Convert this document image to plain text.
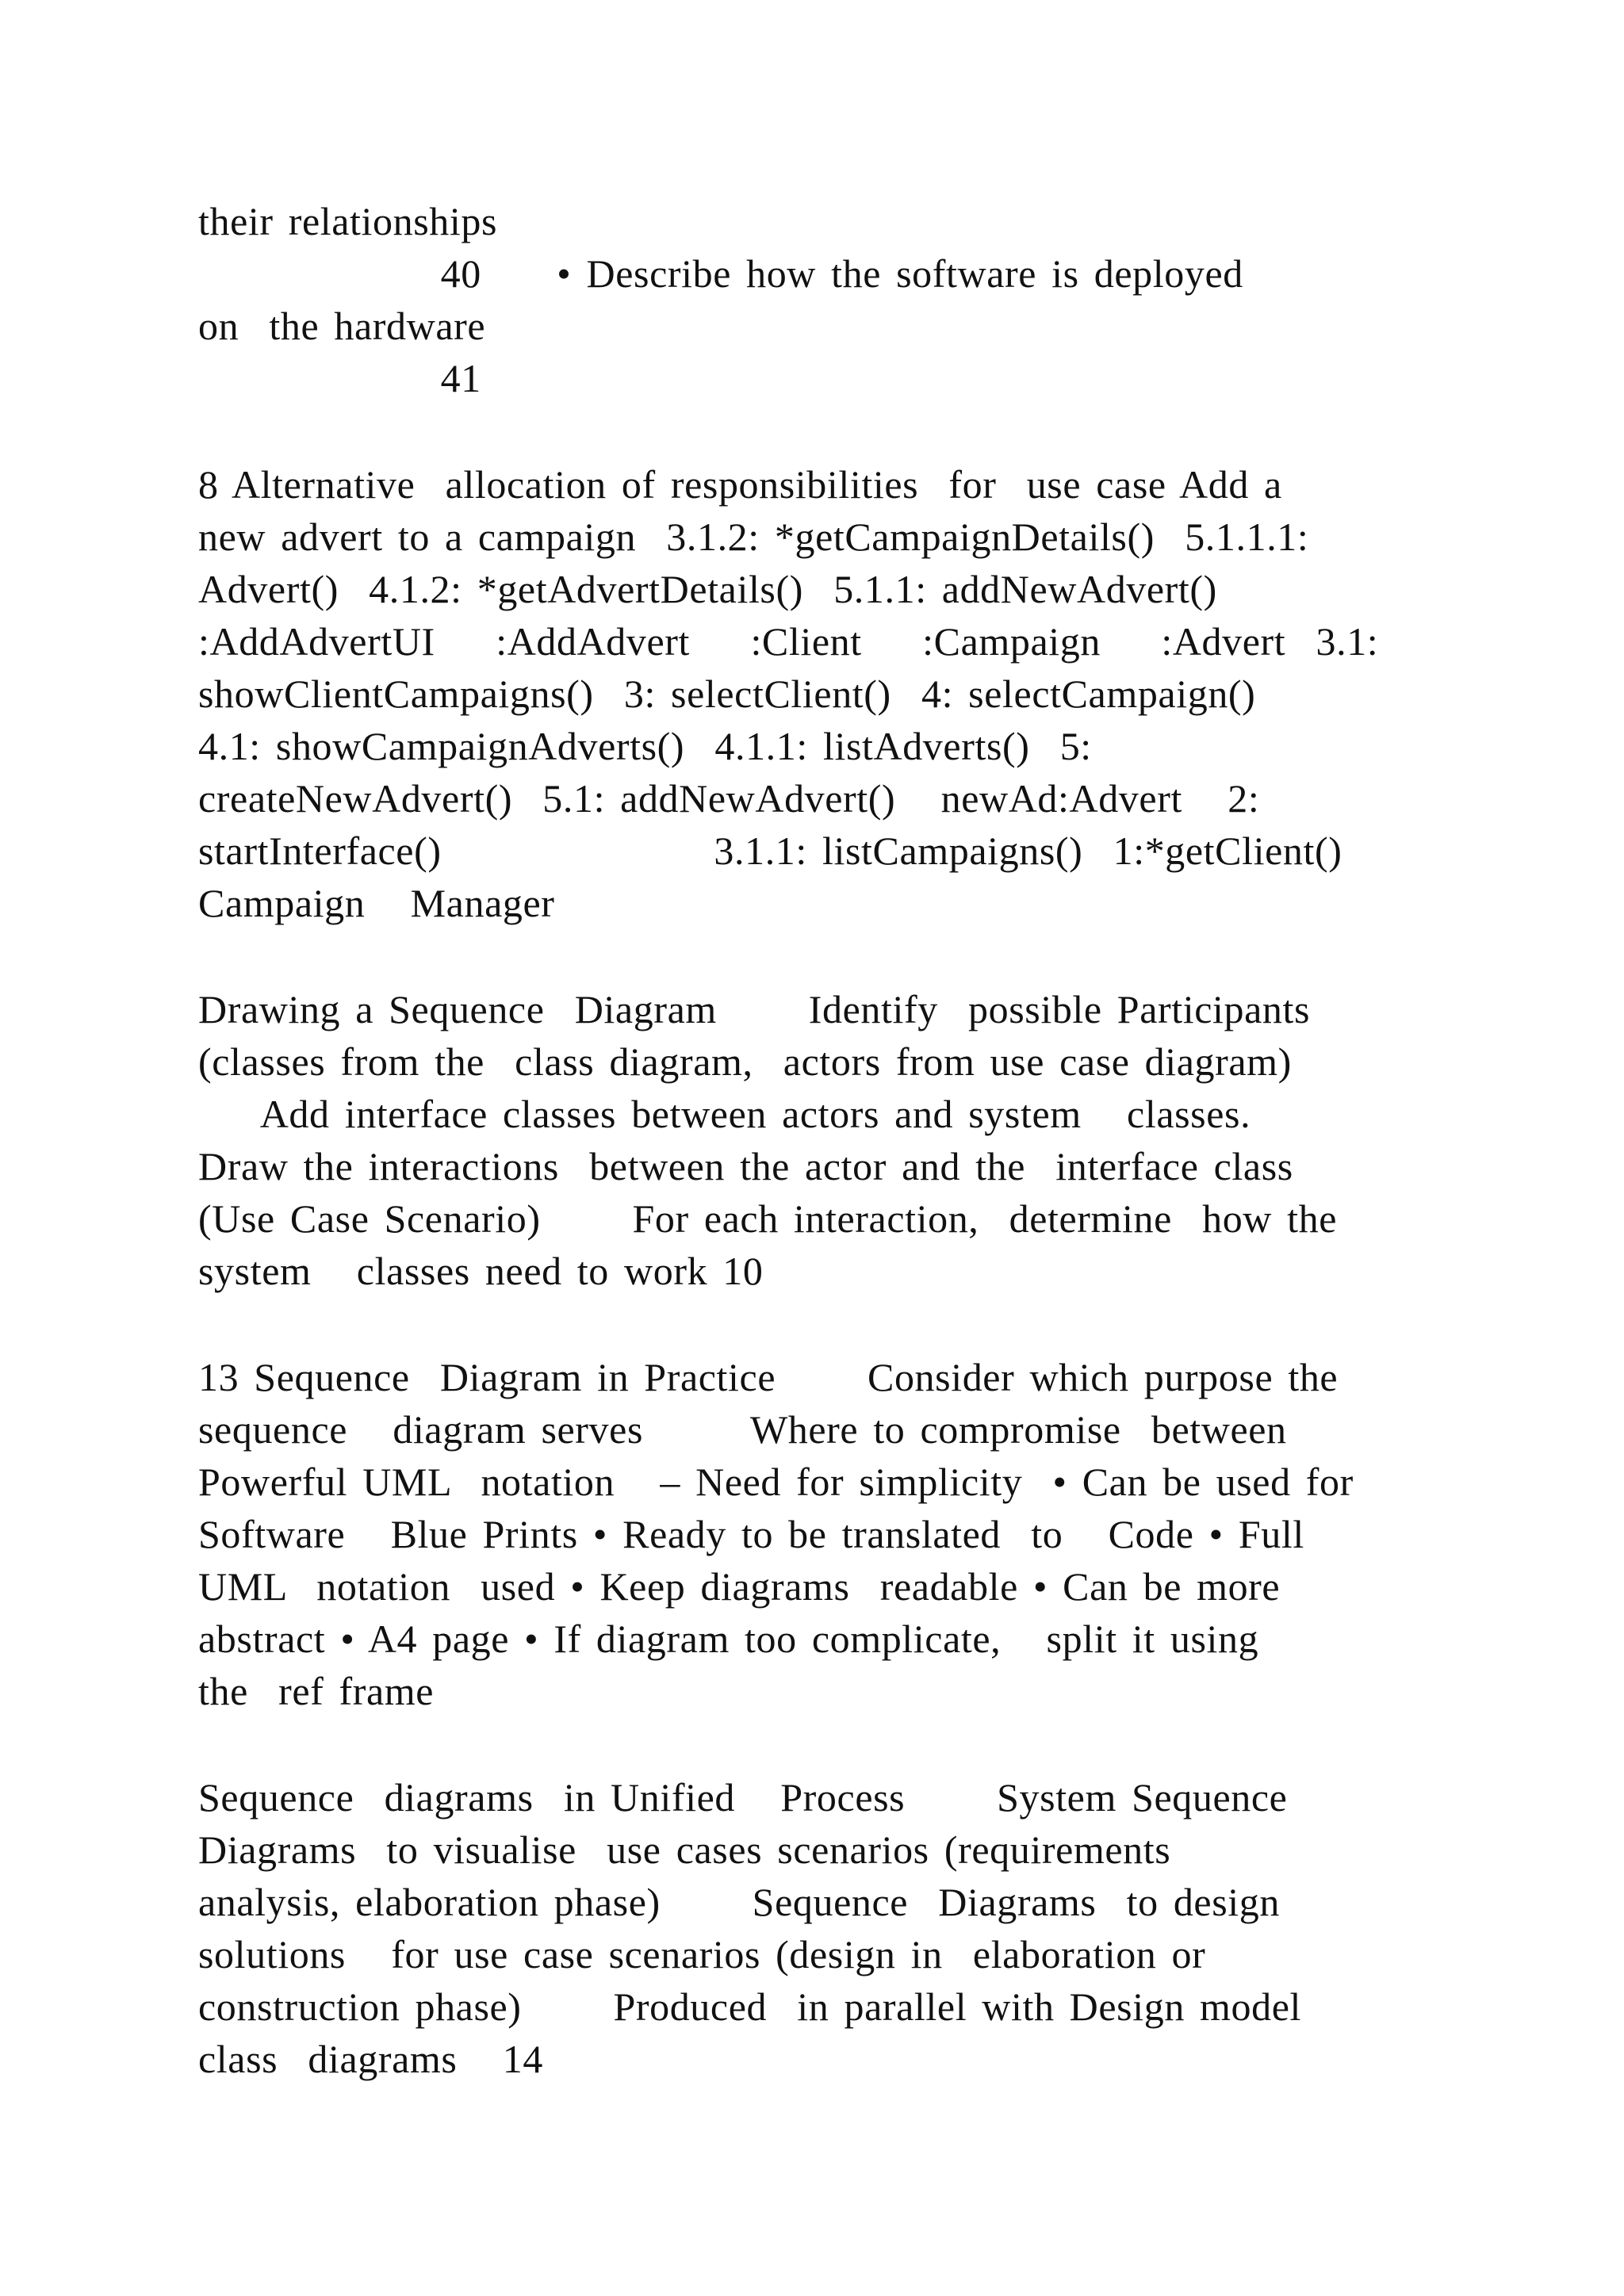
their relationships
40     • Describe how the software is deployed
on  the hardware
41
8 Alternative  allocation of responsibilities  for  use case Add a
new advert to a campaign  3.1.2: *getCampaignDetails()  5.1.1.1:
Advert()  4.1.2: *getAdvertDetails()  5.1.1: addNewAdvert()
:AddAdvertUI    :AddAdvert    :Client    :Campaign    :Advert  3.1:
showClientCampaigns()  3: selectClient()  4: selectCampaign()
4.1: showCampaignAdverts()  4.1.1: listAdverts()  5:
createNewAdvert()  5.1: addNewAdvert()   newAd:Advert   2:
startInterface()                  3.1.1: listCampaigns()  1:*getClient()
Campaign   Manager
Drawing a Sequence  Diagram     Identify  possible Participants
(classes from the  class diagram,  actors from use case diagram)
Add interface classes between actors and system   classes.
Draw the interactions  between the actor and the  interface class
(Use Case Scenario)     For each interaction,  determine  how the
system   classes need to work 10
13 Sequence  Diagram in Practice     Consider which purpose the
sequence   diagram serves      Where to compromise  between
Powerful UML  notation   – Need for simplicity  • Can be used for
Software   Blue Prints • Ready to be translated  to   Code • Full
UML  notation  used • Keep diagrams  readable • Can be more
abstract • A4 page • If diagram too complicate,   split it using
the  ref frame
Sequence  diagrams  in Unified   Process     System Sequence
Diagrams  to visualise  use cases scenarios (requirements
analysis, elaboration phase)     Sequence  Diagrams  to design
solutions   for use case scenarios (design in  elaboration or
construction phase)     Produced  in parallel with Design model
class  diagrams   14
